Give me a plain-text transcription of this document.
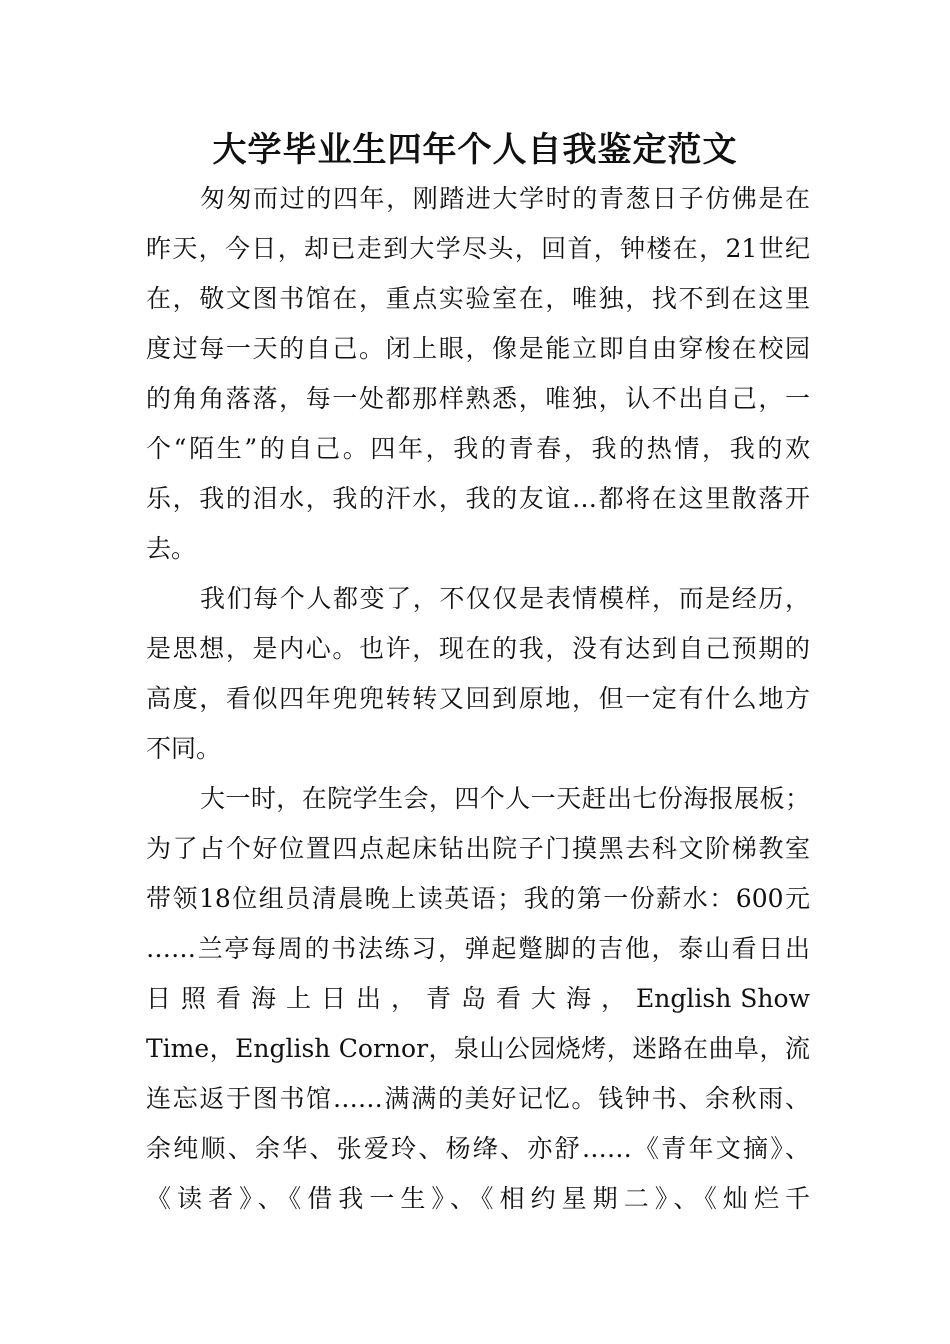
大学毕业生四年个人自我鉴定范文
匆匆而过的四年，刚踏进大学时的青葱日子仿佛是在
昨天，今日，却已走到大学尽头，回首，钟楼在，21世纪
在，敬文图书馆在，重点实验室在，唯独，找不到在这里
度过每一天的自己。闭上眼，像是能立即自由穿梭在校园
的角角落落，每一处都那样熟悉，唯独，认不出自己，一
个“陌生”的自己。四年，我的青春，我的热情，我的欢
乐，我的泪水，我的汗水，我的友谊…都将在这里散落开
去。
我们每个人都变了，不仅仅是表情模样，而是经历，
是思想，是内心。也许，现在的我，没有达到自己预期的
高度，看似四年兜兜转转又回到原地，但一定有什么地方
不同。
大一时，在院学生会，四个人一天赶出七份海报展板；
为了占个好位置四点起床钻出院子门摸黑去科文阶梯教室
带领18位组员清晨晚上读英语；我的第一份薪水：600元
……兰亭每周的书法练习，弹起蹩脚的吉他，泰山看日出
日 照 看 海 上 日 出 ， 青 岛 看 大 海 ， English Show
Time，English Cornor，泉山公园烧烤，迷路在曲阜，流
连忘返于图书馆……满满的美好记忆。钱钟书、余秋雨、
余纯顺、余华、张爱玲、杨绛、亦舒……《青年文摘》、
《读者》、《借我一生》、《相约星期二》、《灿烂千
